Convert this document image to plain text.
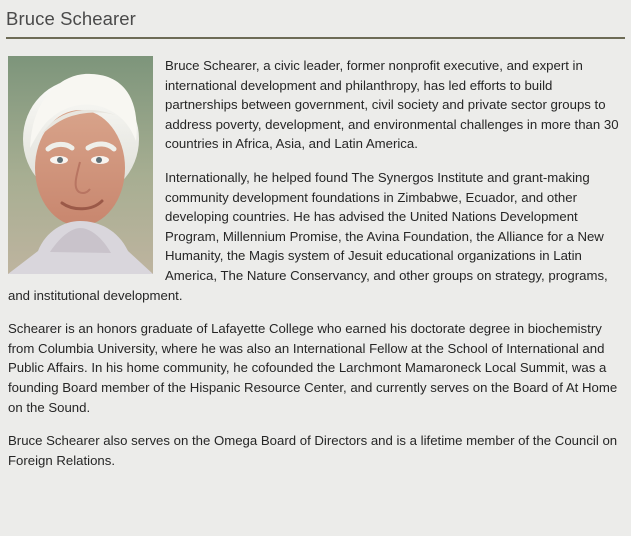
Bruce Schearer

Bruce Schearer, a civic leader, former nonprofit executive, and expert in international development and philanthropy, has led efforts to build partnerships between government, civil society and private sector groups to address poverty, development, and environmental challenges in more than 30 countries in Africa, Asia, and Latin America.

Internationally, he helped found The Synergos Institute and grant-making community development foundations in Zimbabwe, Ecuador, and other developing countries. He has advised the United Nations Development Program, Millennium Promise, the Avina Foundation, the Alliance for a New Humanity, the Magis system of Jesuit educational organizations in Latin America, The Nature Conservancy, and other groups on strategy, programs, and institutional development.

Schearer is an honors graduate of Lafayette College who earned his doctorate degree in biochemistry from Columbia University, where he was also an International Fellow at the School of International and Public Affairs. In his home community, he cofounded the Larchmont Mamaroneck Local Summit, was a founding Board member of the Hispanic Resource Center, and currently serves on the Board of At Home on the Sound.

Bruce Schearer also serves on the Omega Board of Directors and is a lifetime member of the Council on Foreign Relations.
